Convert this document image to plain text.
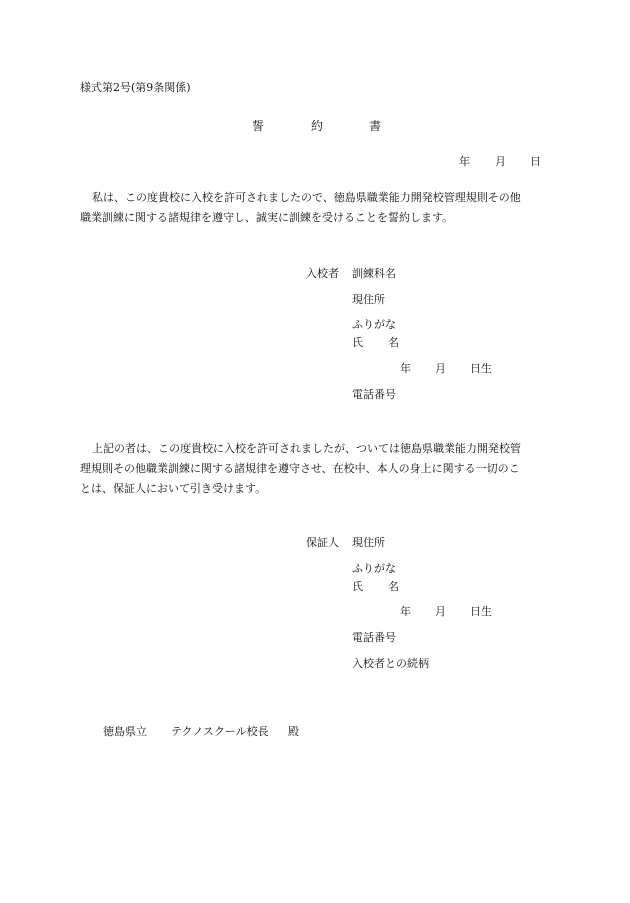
様式第2号(第9条関係)
誓	約	書
年 月 日
私は、この度貴校に入校を許可されましたので、徳島県職業能力開発校管理規則その他
職業訓練に関する諸規律を遵守し、誠実に訓練を受けることを誓約します。
入校者 訓練科名
現住所
ふりがな
氏 名
年 月 日生
電話番号
上記の者は、この度貴校に入校を許可されましたが、ついては徳島県職業能力開発校管
理規則その他職業訓練に関する諸規律を遵守させ、在校中、本人の身上に関する一切のこ
とは、保証人において引き受けます。
保証人 現住所
ふりがな
氏 名
年 月 日生
電話番号
入校者との続柄
徳島県立 テクノスクール校長 殿
